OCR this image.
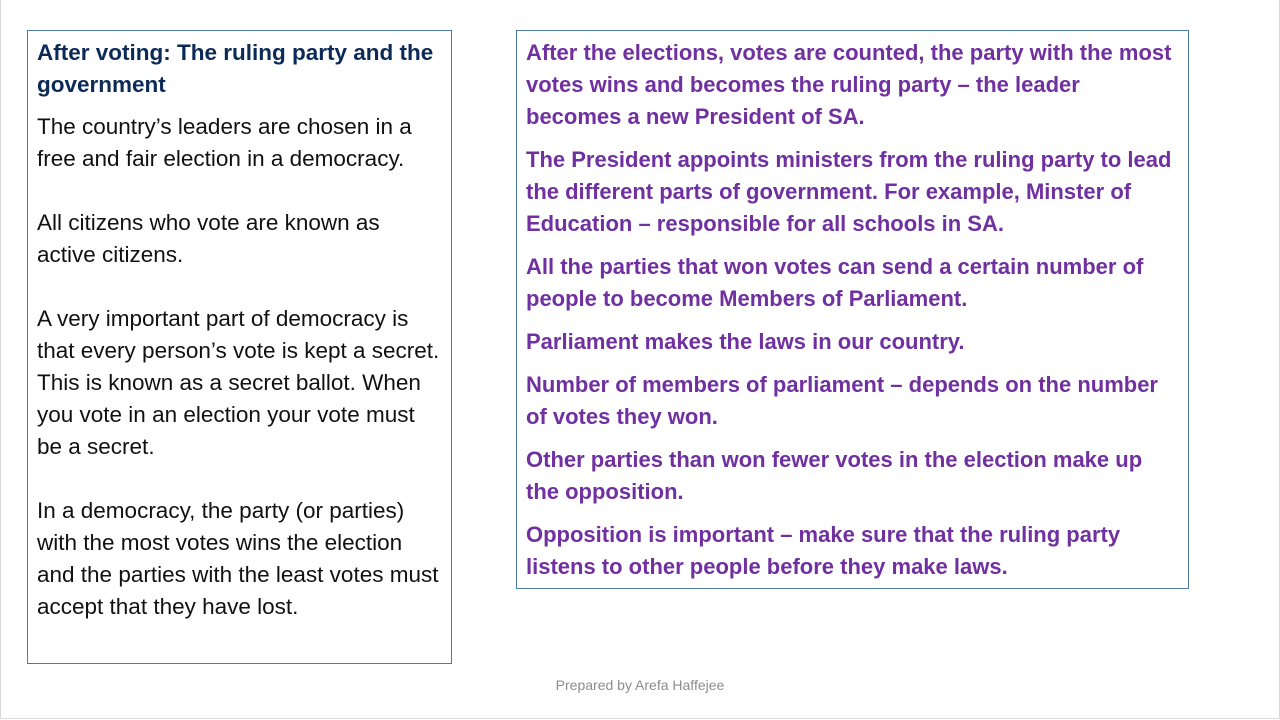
After voting: The ruling party and the government
The country’s leaders are chosen in a free and fair election in a democracy.
All citizens who vote are known as active citizens.
A very important part of democracy is that every person’s vote is kept a secret. This is known as a secret ballot. When you vote in an election your vote must be a secret.
In a democracy, the party (or parties) with the most votes wins the election and the parties with the least votes must accept that they have lost.
After the elections, votes are counted, the party with the most votes wins and becomes the ruling party – the leader becomes a new President of SA.
The President appoints ministers from the ruling party to lead the different parts of government. For example, Minster of Education – responsible for all schools in SA.
All the parties that won votes can send a certain number of people to become Members of Parliament.
Parliament makes the laws in our country.
Number of members of parliament – depends on the number of votes they won.
Other parties than won fewer votes in the election make up the opposition.
Opposition is important – make sure that the ruling party listens to other people before they make laws.
Prepared by Arefa Haffejee
